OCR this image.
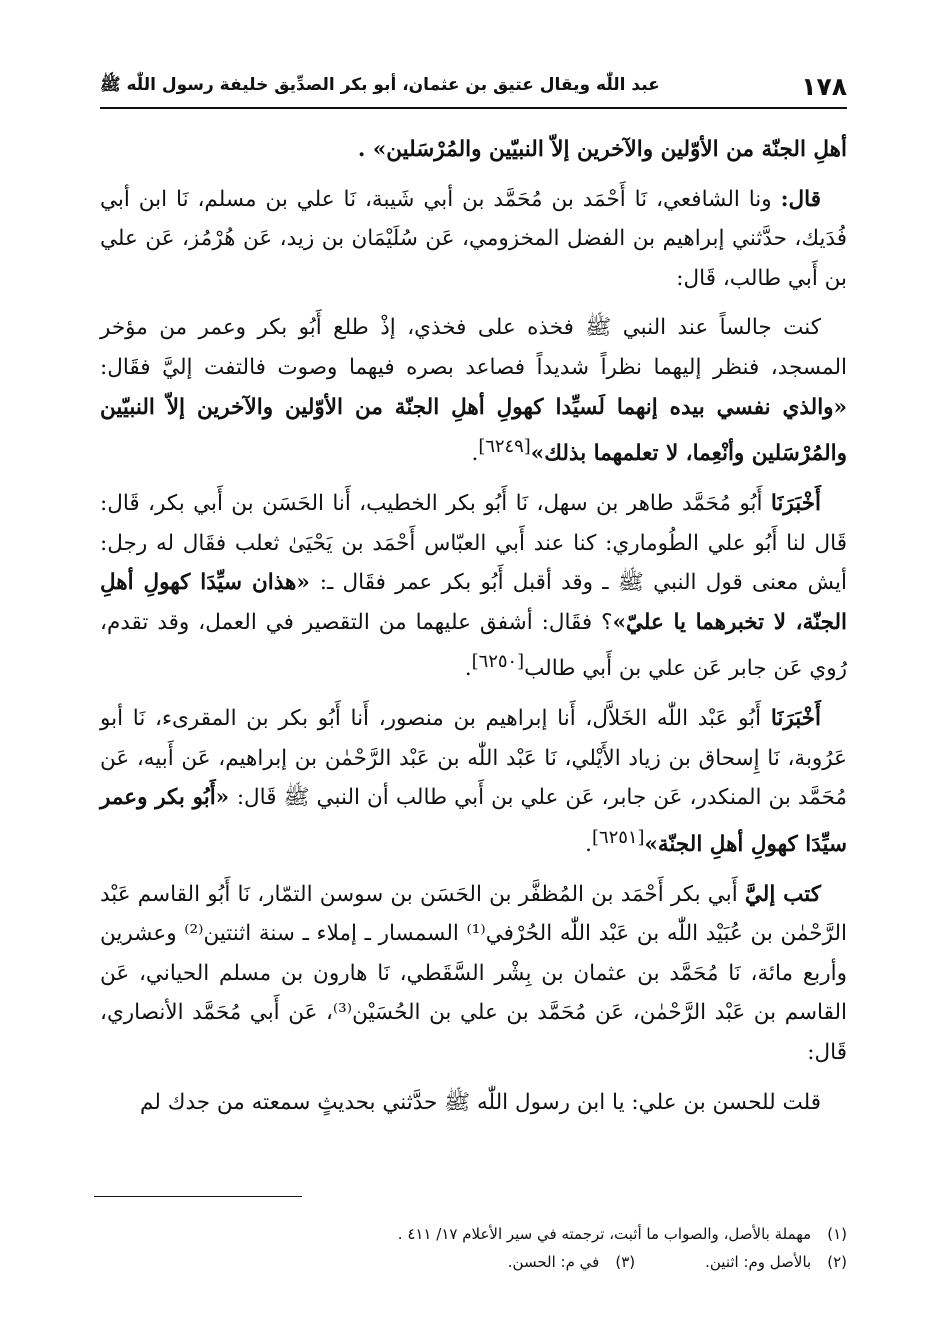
١٧٨
عبد اللّٰه ويقال عتيق بن عثمان، أبو بكر الصدِّيق خليفة رسول اللّٰه ﷺ

أهلِ الجنّة من الأوّلين والآخرين إلاّ النبيّين والمُرْسَلين» .

قال: ونا الشافعي، نَا أَحْمَد بن مُحَمَّد بن أبي شَيبة، نَا علي بن مسلم، نَا ابن أبي فُدَيك، حدَّثني إبراهيم بن الفضل المخزومي، عَن سُلَيْمَان بن زيد، عَن هُرْمُز، عَن علي بن أَبي طالب، قَال:

كنت جالساً عند النبي ﷺ فخذه على فخذي، إذْ طلع أَبُو بكر وعمر من مؤخر المسجد، فنظر إليهما نظراً شديداً فصاعد بصره فيهما وصوت فالتفت إليَّ فقَال: «والذي نفسي بيده إنهما لَسيِّدا كهولِ أهلِ الجنّة من الأوّلين والآخرين إلاّ النبيّين والمُرْسَلين وأنْعِما، لا تعلمهما بذلك»[٦٢٤٩].

أَخْبَرَنَا أَبُو مُحَمَّد طاهر بن سهل، نَا أَبُو بكر الخطيب، أَنا الحَسَن بن أَبي بكر، قَال: قَال لنا أَبُو علي الطُوماري: كنا عند أَبي العبّاس أَحْمَد بن يَحْيَىٰ ثعلب فقَال له رجل: أيش معنى قول النبي ﷺ ـ وقد أقبل أَبُو بكر عمر فقَال ـ: «هذان سيِّدَا كهولِ أهلِ الجنّة، لا تخبرهما يا عليّ»؟ فقَال: أشفق عليهما من التقصير في العمل، وقد تقدم، رُوي عَن جابر عَن علي بن أَبي طالب[٦٢٥٠].

أَخْبَرَنَا أَبُو عَبْد اللّٰه الخَلاَّل، أَنا إبراهيم بن منصور، أَنا أَبُو بكر بن المقرىء، نَا أبو عَرُوبة، نَا إِسحاق بن زياد الأَيْلي، نَا عَبْد اللّٰه بن عَبْد الرَّحْمٰن بن إبراهيم، عَن أَبيه، عَن مُحَمَّد بن المنكدر، عَن جابر، عَن علي بن أَبي طالب أن النبي ﷺ قَال: «أَبُو بكر وعمر سيِّدَا كهولِ أهلِ الجنّة»[٦٢٥١].

كتب إليَّ أَبي بكر أَحْمَد بن المُظفَّر بن الحَسَن بن سوسن التمّار، نَا أَبُو القاسم عَبْد الرَّحْمٰن بن عُبَيْد اللّٰه بن عَبْد اللّٰه الحُرْفي⁽¹⁾ السمسار ـ إملاء ـ سنة اثنتين⁽²⁾ وعشرين وأربع مائة، نَا مُحَمَّد بن عثمان بن بِشْر السَّقَطي، نَا هارون بن مسلم الحياني، عَن القاسم بن عَبْد الرَّحْمٰن، عَن مُحَمَّد بن علي بن الحُسَيْن⁽³⁾، عَن أَبي مُحَمَّد الأنصاري، قَال:

قلت للحسن بن علي: يا ابن رسول اللّٰه ﷺ حدَّثني بحديثٍ سمعته من جدك لم

(١)
مهملة بالأصل، والصواب ما أثبت، ترجمته في سير الأعلام ١٧/ ٤١١ .
(٢)
بالأصل وم: اثنين.
(٣)
في م: الحسن.
